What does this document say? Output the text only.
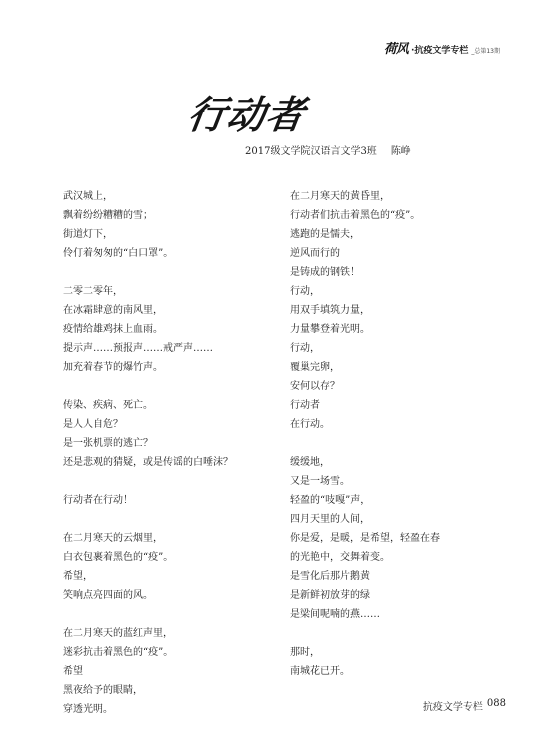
荷风 ·抗疫文学专栏 _总第13期
行动者
2017级文学院汉语言文学3班 陈峥
武汉城上，
飘着纷纷糟糟的雪；
街道灯下，
伶仃着匆匆的“白口罩”。
二零二零年，
在冰霜肆意的南风里，
疫情给雄鸡抹上血雨。
提示声……预报声……戒严声……
加充着春节的爆竹声。
传染、疾病、死亡。
是人人自危？
是一张机票的逃亡？
还是悲观的猜疑，或是传谣的白唾沫？
行动者在行动！
在二月寒天的云烟里，
白衣包裹着黑色的“疫”。
希望，
笑响点亮四面的风。
在二月寒天的蓝红声里，
迷彩抗击着黑色的“疫”。
希望
黑夜给予的眼睛，
穿透光明。
在二月寒天的黄昏里，
行动者们抗击着黑色的“疫”。
逃跑的是懦夫，
逆风而行的
是铸成的钢铁！
行动，
用双手填筑力量，
力量攀登着光明。
行动，
覆巢完卵，
安何以存？
行动者
在行动。
缓缓地，
又是一场雪。
轻盈的“吱嘎”声，
四月天里的人间，
你是爱，是暖，是希望，轻盈在春
的光艳中，交舞着变。
是雪化后那片鹅黄
是新鲜初放芽的绿
是梁间呢喃的燕……
那时，
南城花已开。
抗疫文学专栏 088
